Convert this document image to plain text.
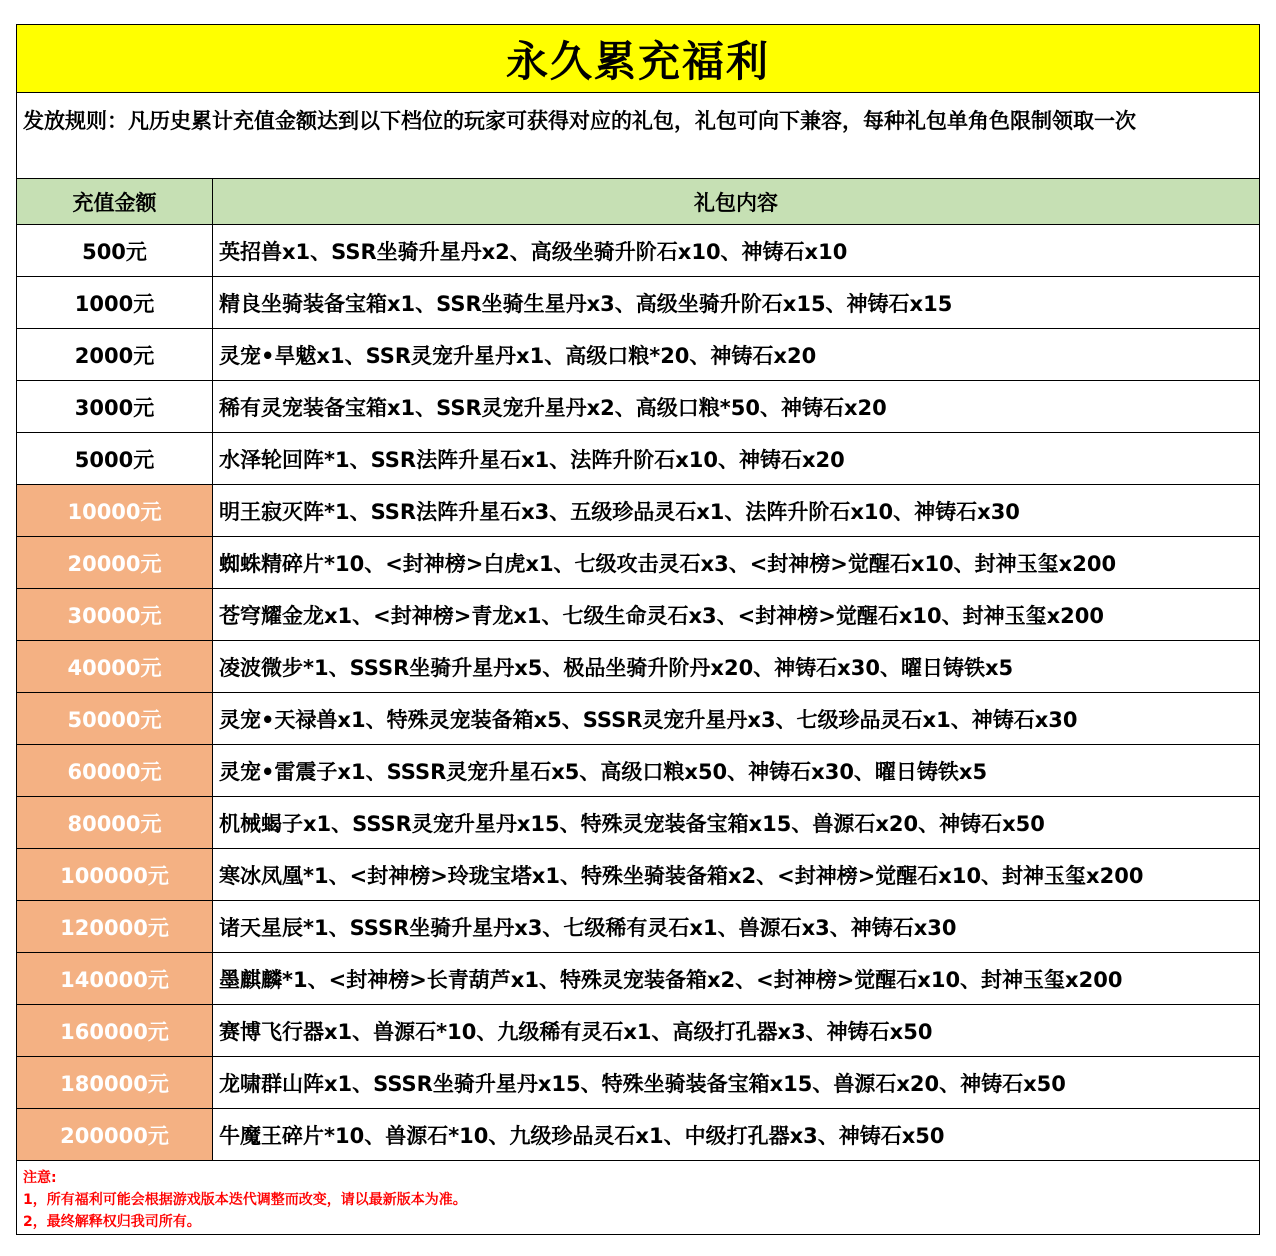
永久累充福利
发放规则：凡历史累计充值金额达到以下档位的玩家可获得对应的礼包，礼包可向下兼容，每种礼包单角色限制领取一次
充值金额	礼包内容
500元	英招兽x1、SSR坐骑升星丹x2、高级坐骑升阶石x10、神铸石x10
1000元	精良坐骑装备宝箱x1、SSR坐骑生星丹x3、高级坐骑升阶石x15、神铸石x15
2000元	灵宠•旱魃x1、SSR灵宠升星丹x1、高级口粮*20、神铸石x20
3000元	稀有灵宠装备宝箱x1、SSR灵宠升星丹x2、高级口粮*50、神铸石x20
5000元	水泽轮回阵*1、SSR法阵升星石x1、法阵升阶石x10、神铸石x20
10000元	明王寂灭阵*1、SSR法阵升星石x3、五级珍品灵石x1、法阵升阶石x10、神铸石x30
20000元	蜘蛛精碎片*10、<封神榜>白虎x1、七级攻击灵石x3、<封神榜>觉醒石x10、封神玉玺x200
30000元	苍穹耀金龙x1、<封神榜>青龙x1、七级生命灵石x3、<封神榜>觉醒石x10、封神玉玺x200
40000元	凌波微步*1、SSSR坐骑升星丹x5、极品坐骑升阶丹x20、神铸石x30、曜日铸铁x5
50000元	灵宠•天禄兽x1、特殊灵宠装备箱x5、SSSR灵宠升星丹x3、七级珍品灵石x1、神铸石x30
60000元	灵宠•雷震子x1、SSSR灵宠升星石x5、高级口粮x50、神铸石x30、曜日铸铁x5
80000元	机械蝎子x1、SSSR灵宠升星丹x15、特殊灵宠装备宝箱x15、兽源石x20、神铸石x50
100000元	寒冰凤凰*1、<封神榜>玲珑宝塔x1、特殊坐骑装备箱x2、<封神榜>觉醒石x10、封神玉玺x200
120000元	诸天星辰*1、SSSR坐骑升星丹x3、七级稀有灵石x1、兽源石x3、神铸石x30
140000元	墨麒麟*1、<封神榜>长青葫芦x1、特殊灵宠装备箱x2、<封神榜>觉醒石x10、封神玉玺x200
160000元	赛博飞行器x1、兽源石*10、九级稀有灵石x1、高级打孔器x3、神铸石x50
180000元	龙啸群山阵x1、SSSR坐骑升星丹x15、特殊坐骑装备宝箱x15、兽源石x20、神铸石x50
200000元	牛魔王碎片*10、兽源石*10、九级珍品灵石x1、中级打孔器x3、神铸石x50
注意:
1，所有福利可能会根据游戏版本迭代调整而改变，请以最新版本为准。
2，最终解释权归我司所有。
